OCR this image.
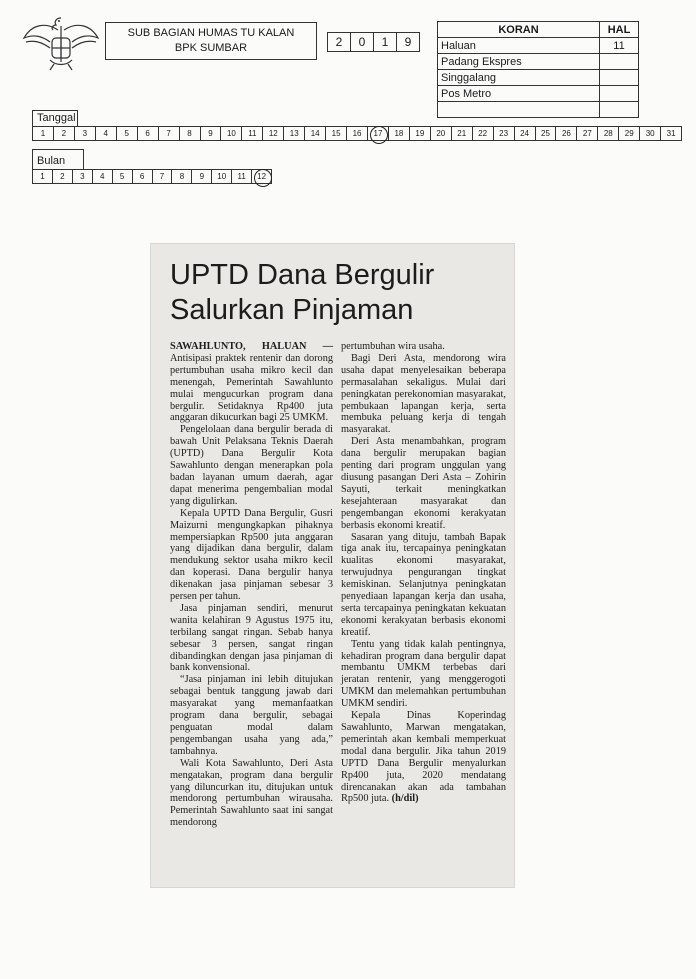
SUB BAGIAN HUMAS TU KALAN
BPK SUMBAR	2	0	1	9
KORAN	HAL
Haluan	11
Padang Ekspres	
Singgalang	
Pos Metro	

Tanggal
1	2	3	4	5	6	7	8	9	10	11	12	13	14	15	16	17	18	19	20	21	22	23	24	25	26	27	28	29	30	31
Bulan
1	2	3	4	5	6	7	8	9	10	11	12
UPTD Dana Bergulir
Salurkan Pinjaman

SAWAHLUNTO, HALUAN — Antisipasi praktek rentenir dan dorong pertumbuhan usaha mikro kecil dan menengah, Pemerintah Sawahlunto mulai mengucurkan program dana bergulir. Setidaknya Rp400 juta anggaran dikucurkan bagi 25 UMKM.

Pengelolaan dana bergulir berada di bawah Unit Pelaksana Teknis Daerah (UPTD) Dana Bergulir Kota Sawahlunto dengan menerapkan pola badan layanan umum daerah, agar dapat menerima pengembalian modal yang digulirkan.

Kepala UPTD Dana Bergulir, Gusri Maizurni mengungkapkan pihaknya mempersiapkan Rp500 juta anggaran yang dijadikan dana bergulir, dalam mendukung sektor usaha mikro kecil dan koperasi. Dana bergulir hanya dikenakan jasa pinjaman sebesar 3 persen per tahun.

Jasa pinjaman sendiri, menurut wanita kelahiran 9 Agustus 1975 itu, terbilang sangat ringan. Sebab hanya sebesar 3 persen, sangat ringan dibandingkan dengan jasa pinjaman di bank konvensional.

“Jasa pinjaman ini lebih ditujukan sebagai bentuk tanggung jawab dari masyarakat yang memanfaatkan program dana bergulir, sebagai penguatan modal dalam pengembangan usaha yang ada,” tambahnya.

Wali Kota Sawahlunto, Deri Asta mengatakan, program dana bergulir yang diluncurkan itu, ditujukan untuk mendorong pertumbuhan wirausaha. Pemerintah Sawahlunto saat ini sangat mendorong

pertumbuhan wira usaha.

Bagi Deri Asta, mendorong wira usaha dapat menyelesaikan beberapa permasalahan sekaligus. Mulai dari peningkatan perekonomian masyarakat, pembukaan lapangan kerja, serta membuka peluang kerja di tengah masyarakat.

Deri Asta menambahkan, program dana bergulir merupakan bagian penting dari program unggulan yang diusung pasangan Deri Asta – Zohirin Sayuti, terkait meningkatkan kesejahteraan masyarakat dan pengembangan ekonomi kerakyatan berbasis ekonomi kreatif.

Sasaran yang dituju, tambah Bapak tiga anak itu, tercapainya peningkatan kualitas ekonomi masyarakat, terwujudnya pengurangan tingkat kemiskinan. Selanjutnya peningkatan penyediaan lapangan kerja dan usaha, serta tercapainya peningkatan kekuatan ekonomi kerakyatan berbasis ekonomi kreatif.

Tentu yang tidak kalah pentingnya, kehadiran program dana bergulir dapat membantu UMKM terbebas dari jeratan rentenir, yang menggerogoti UMKM dan melemahkan pertumbuhan UMKM sendiri.

Kepala Dinas Koperindag Sawahlunto, Marwan mengatakan, pemerintah akan kembali memperkuat modal dana bergulir. Jika tahun 2019 UPTD Dana Bergulir menyalurkan Rp400 juta, 2020 mendatang direncanakan akan ada tambahan Rp500 juta. (h/dil)
